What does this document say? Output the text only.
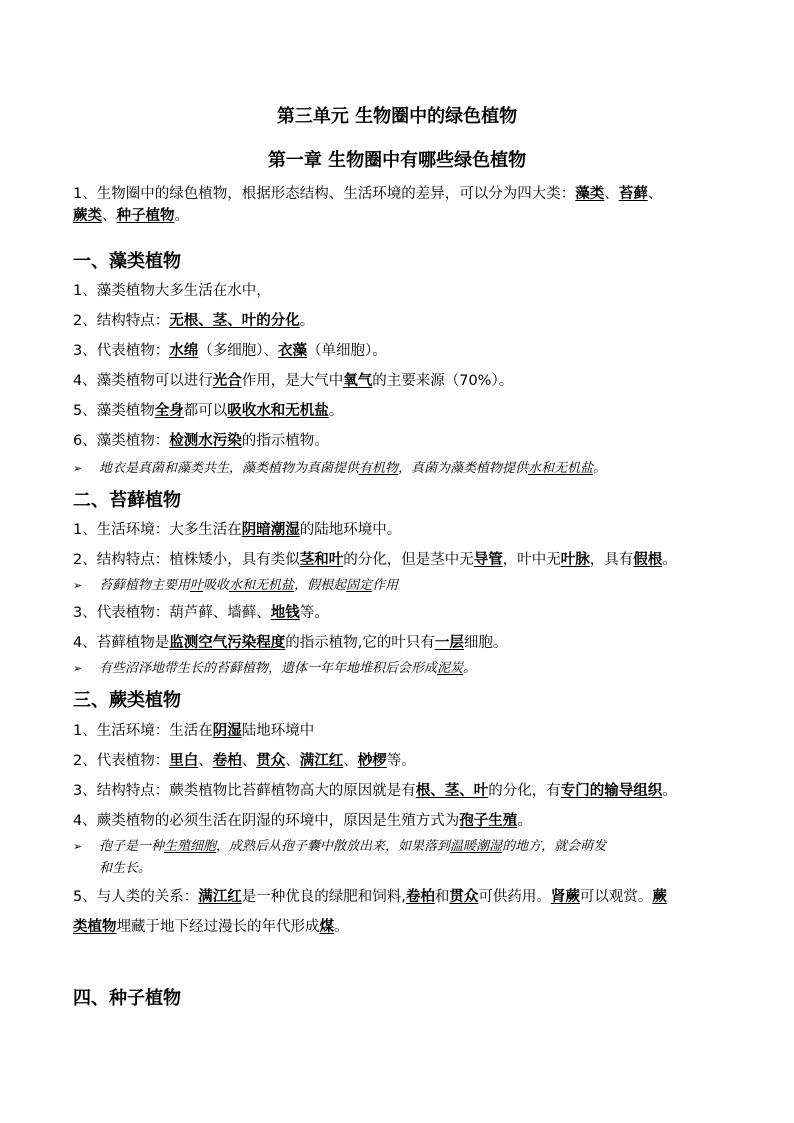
第三单元 生物圈中的绿色植物
第一章 生物圈中有哪些绿色植物

1、生物圈中的绿色植物，根据形态结构、生活环境的差异，可以分为四大类：藻类、苔藓、
蕨类、种子植物。

一、藻类植物

1、藻类植物大多生活在水中，

2、结构特点：无根、茎、叶的分化。

3、代表植物：水绵（多细胞）、衣藻（单细胞）。

4、藻类植物可以进行光合作用，是大气中氧气的主要来源（70%）。

5、藻类植物全身都可以吸收水和无机盐。

6、藻类植物：检测水污染的指示植物。

➢ 地衣是真菌和藻类共生，藻类植物为真菌提供有机物，真菌为藻类植物提供水和无机盐。

二、苔藓植物

1、生活环境：大多生活在阴暗潮湿的陆地环境中。

2、结构特点：植株矮小，具有类似茎和叶的分化，但是茎中无导管，叶中无叶脉，具有假根。

➢ 苔藓植物主要用叶吸收水和无机盐，假根起固定作用

3、代表植物：葫芦藓、墙藓、地钱等。

4、苔藓植物是监测空气污染程度的指示植物,它的叶只有一层细胞。

➢ 有些沼泽地带生长的苔藓植物，遗体一年年地堆积后会形成泥炭。

三、蕨类植物

1、生活环境：生活在阴湿陆地环境中

2、代表植物：里白、卷柏、贯众、满江红、桫椤等。

3、结构特点：蕨类植物比苔藓植物高大的原因就是有根、茎、叶的分化，有专门的输导组织。

4、蕨类植物的必须生活在阴湿的环境中，原因是生殖方式为孢子生殖。

➢ 孢子是一种生殖细胞，成熟后从孢子囊中散放出来，如果落到温暖潮湿的地方，就会萌发
和生长。

5、与人类的关系：满江红是一种优良的绿肥和饲料,卷柏和贯众可供药用。肾蕨可以观赏。蕨

类植物埋藏于地下经过漫长的年代形成煤。

四、种子植物
